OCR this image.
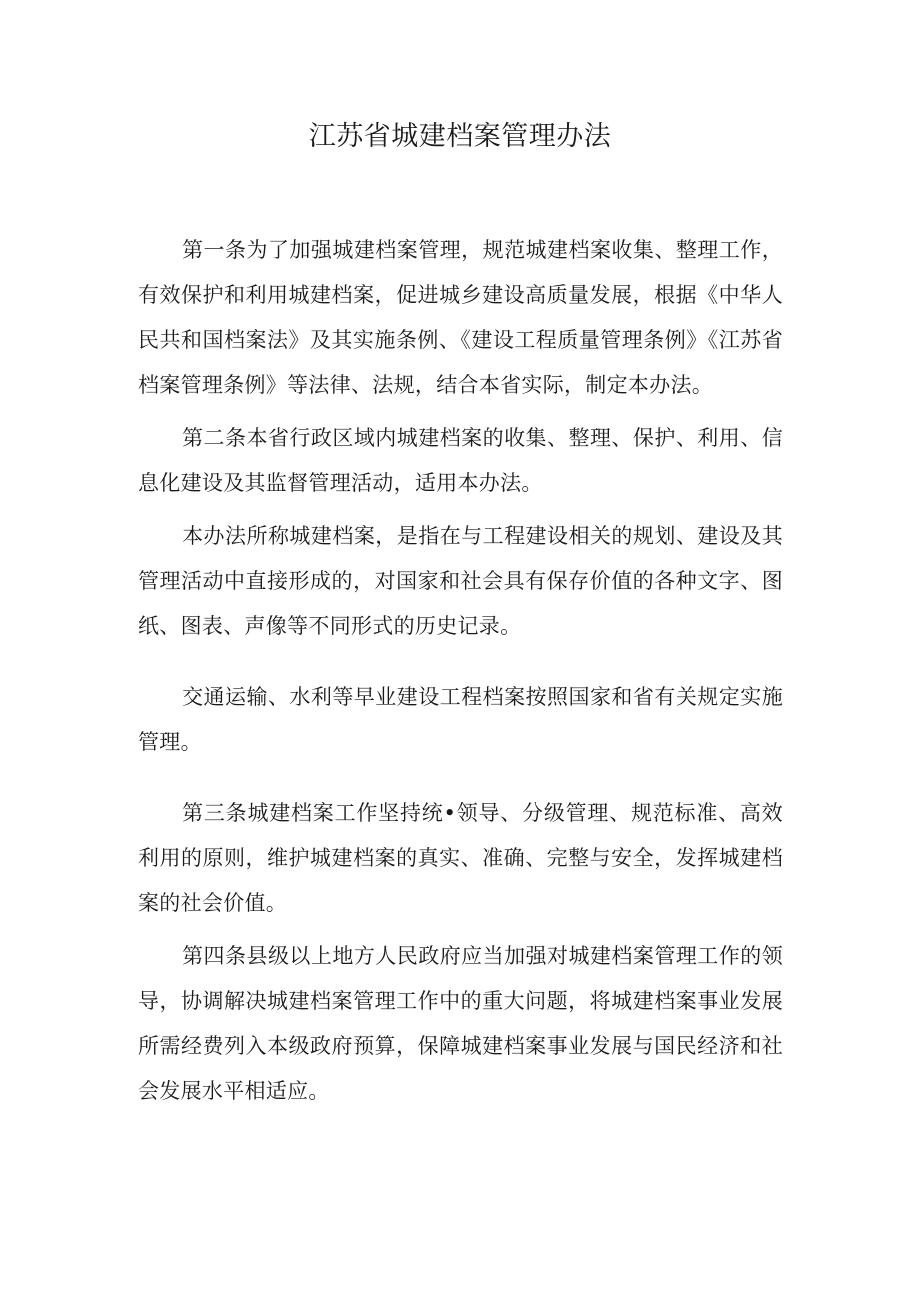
江苏省城建档案管理办法

第一条为了加强城建档案管理，规范城建档案收集、整理工作，有效保护和利用城建档案，促进城乡建设高质量发展，根据《中华人民共和国档案法》及其实施条例、《建设工程质量管理条例》《江苏省档案管理条例》等法律、法规，结合本省实际，制定本办法。

第二条本省行政区域内城建档案的收集、整理、保护、利用、信息化建设及其监督管理活动，适用本办法。

本办法所称城建档案，是指在与工程建设相关的规划、建设及其管理活动中直接形成的，对国家和社会具有保存价值的各种文字、图纸、图表、声像等不同形式的历史记录。

交通运输、水利等早业建设工程档案按照国家和省有关规定实施管理。

第三条城建档案工作坚持统•领导、分级管理、规范标准、高效利用的原则，维护城建档案的真实、准确、完整与安全，发挥城建档案的社会价值。

第四条县级以上地方人民政府应当加强对城建档案管理工作的领导，协调解决城建档案管理工作中的重大问题，将城建档案事业发展所需经费列入本级政府预算，保障城建档案事业发展与国民经济和社会发展水平相适应。
